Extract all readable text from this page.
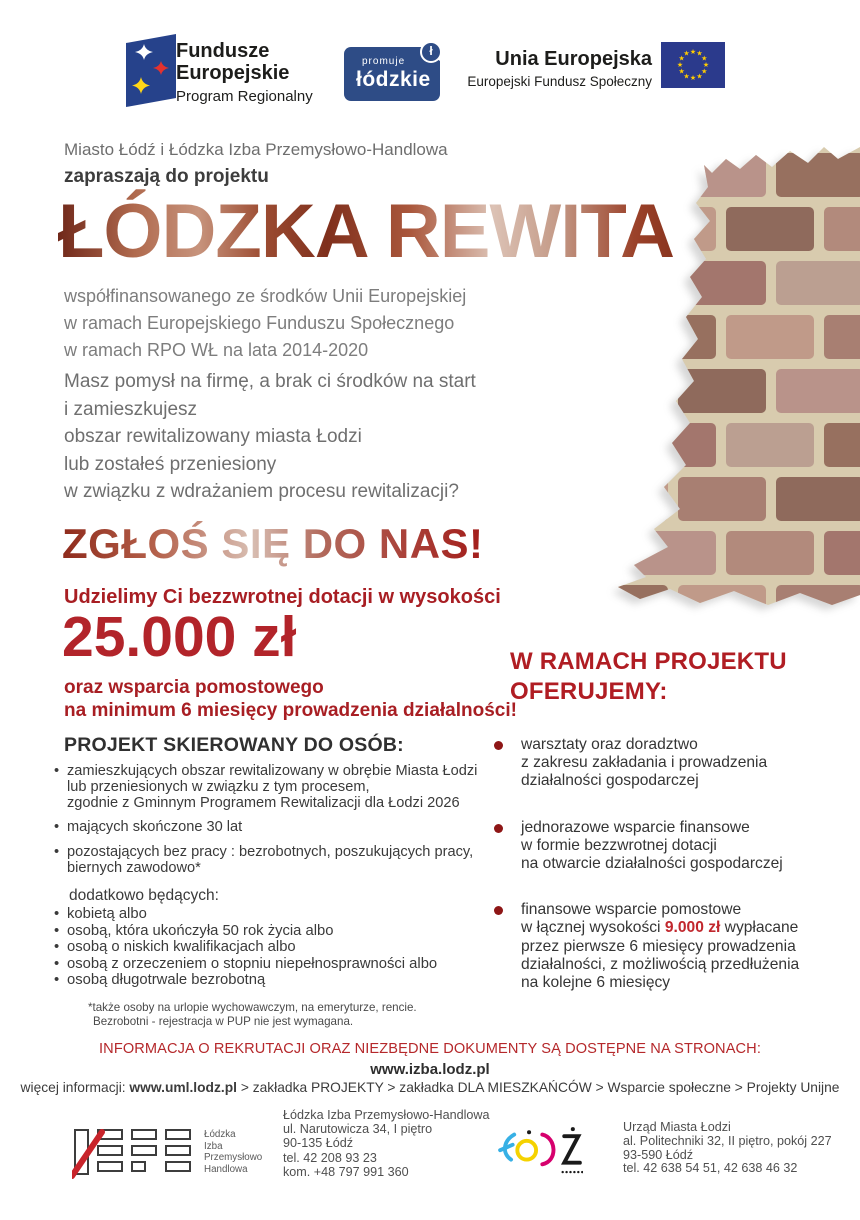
Fundusze
Europejskie
Program Regionalny
promuje
łódzkie
ł	Unia Europejska
Europejski Fundusz Społeczny
★ ★
★
★
★
★
★
★
★
★
★
★
Miasto Łódź i Łódzka Izba Przemysłowo-Handlowa
zapraszają do projektu
ŁÓDZKA REWITA
współfinansowanego ze środków Unii Europejskiej
w ramach Europejskiego Funduszu Społecznego
w ramach RPO WŁ na lata 2014-2020
Masz pomysł na firmę, a brak ci środków na start
i zamieszkujesz
obszar rewitalizowany miasta Łodzi
lub zostałeś przeniesiony
w związku z wdrażaniem procesu rewitalizacji?
ZGŁOŚ SIĘ DO NAS!
Udzielimy Ci bezzwrotnej dotacji w wysokości
25.000 zł
oraz wsparcia pomostowego
na minimum 6 miesięcy prowadzenia działalności!
PROJEKT SKIEROWANY DO OSÓB:
• zamieszkujących obszar rewitalizowany w obrębie Miasta Łodzi
lub przeniesionych w związku z tym procesem,
zgodnie z Gminnym Programem Rewitalizacji dla Łodzi 2026
• mających skończone 30 lat
• pozostających bez pracy : bezrobotnych, poszukujących pracy,
biernych zawodowo*
dodatkowo będących:
• kobietą albo
• osobą, która ukończyła 50 rok życia albo
• osobą o niskich kwalifikacjach albo
• osobą z orzeczeniem o stopniu niepełnosprawności albo
• osobą długotrwale bezrobotną
*także osoby na urlopie wychowawczym, na emeryturze, rencie.
Bezrobotni - rejestracja w PUP nie jest wymagana.
W RAMACH PROJEKTU
OFERUJEMY:
warsztaty oraz doradztwo
z zakresu zakładania i prowadzenia
działalności gospodarczej
jednorazowe wsparcie finansowe
w formie bezzwrotnej dotacji
na otwarcie działalności gospodarczej
finansowe wsparcie pomostowe
w łącznej wysokości 9.000 zł wypłacane
przez pierwsze 6 miesięcy prowadzenia
działalności, z możliwością przedłużenia
na kolejne 6 miesięcy
INFORMACJA O REKRUTACJI ORAZ NIEZBĘDNE DOKUMENTY SĄ DOSTĘPNE NA STRONACH:
www.izba.lodz.pl
więcej informacji: www.uml.lodz.pl > zakładka PROJEKTY > zakładka DLA MIESZKAŃCÓW > Wsparcie społeczne > Projekty Unijne
Łódzka
Izba
Przemysłowo
Handlowa
Łódzka Izba Przemysłowo-Handlowa
ul. Narutowicza 34, I piętro
90-135 Łódź
tel. 42 208 93 23
kom. +48 797 991 360
Urząd Miasta Łodzi
al. Politechniki 32, II piętro, pokój 227
93-590 Łódź
tel. 42 638 54 51, 42 638 46 32
